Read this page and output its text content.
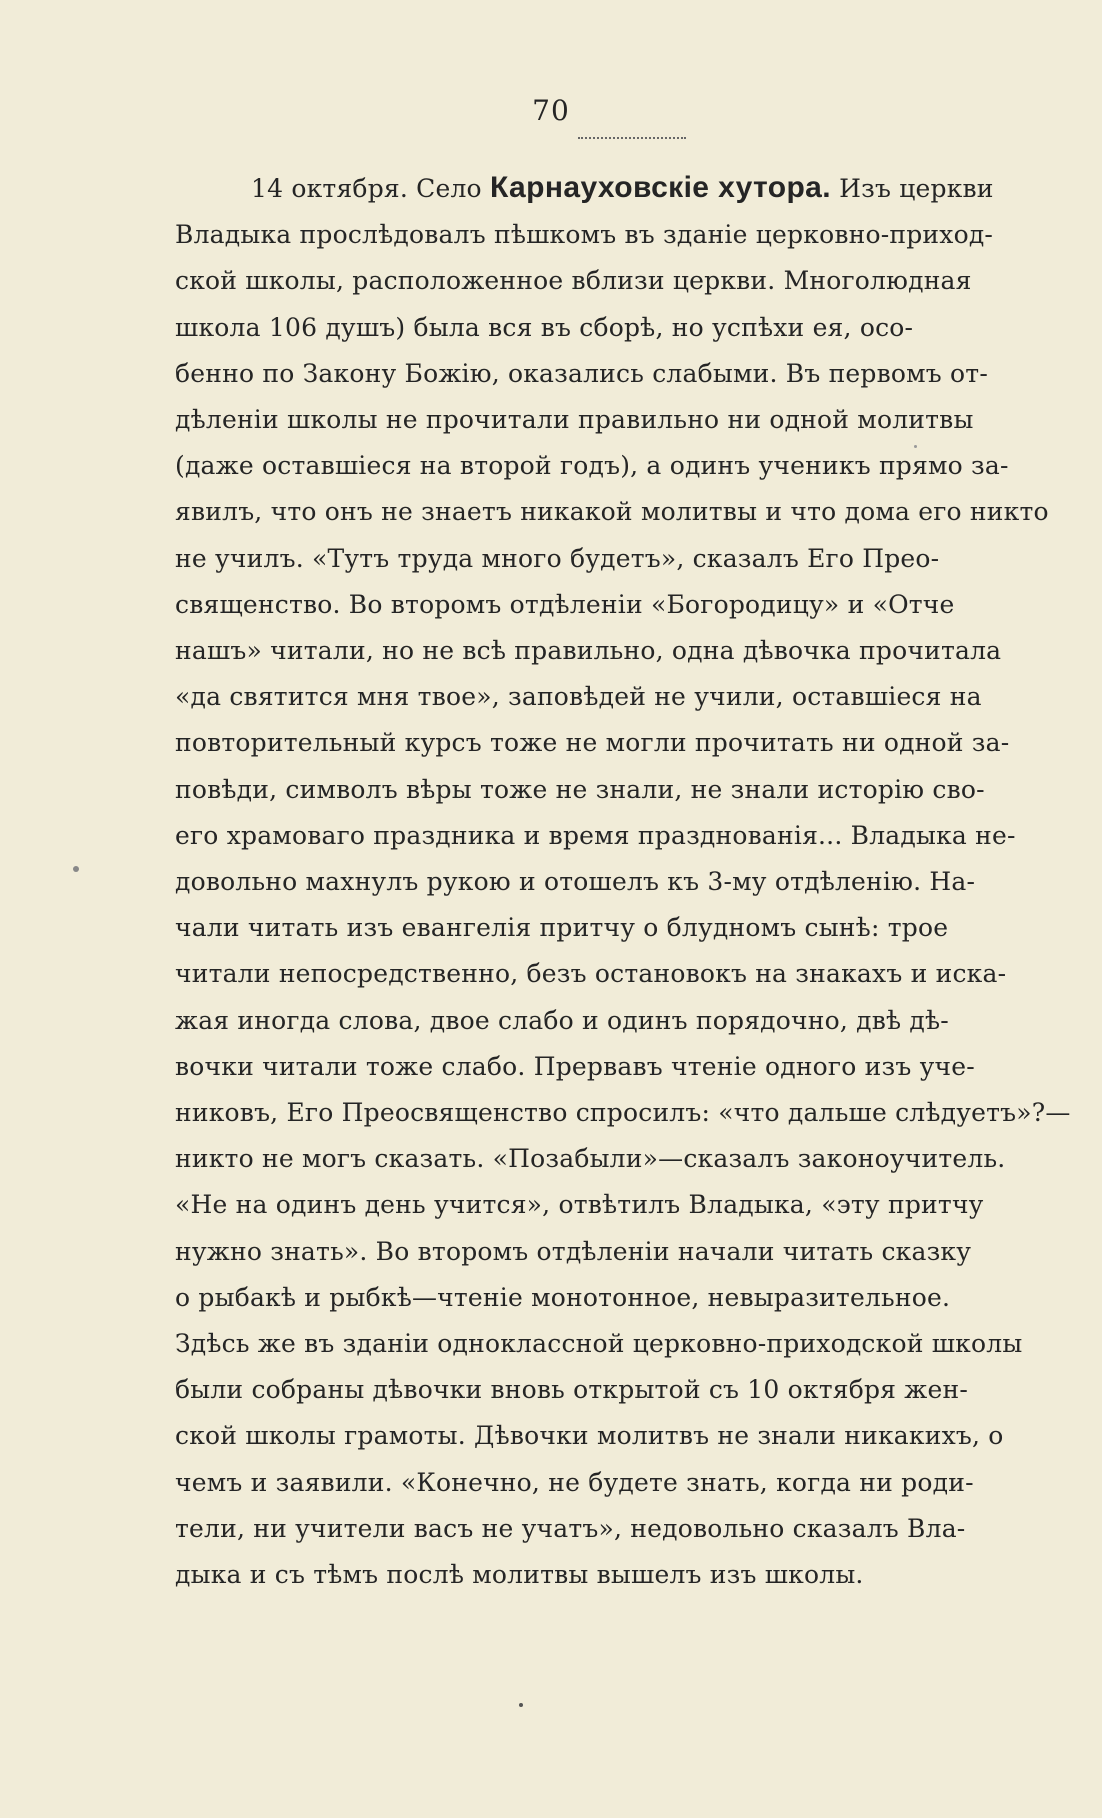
70
14 октября. Село Карнауховскіе хутора. Изъ церкви
Владыка прослѣдовалъ пѣшкомъ въ зданіе церковно-приход-
ской школы, расположенное вблизи церкви. Многолюдная
школа 106 душъ) была вся въ сборѣ, но успѣхи ея, осо-
бенно по Закону Божію, оказались слабыми. Въ первомъ от-
дѣленіи школы не прочитали правильно ни одной молитвы
(даже оставшіеся на второй годъ), а одинъ ученикъ прямо за-
явилъ, что онъ не знаетъ никакой молитвы и что дома его никто
не училъ. «Тутъ труда много будетъ», сказалъ Его Прео-
священство. Во второмъ отдѣленіи «Богородицу» и «Отче
нашъ» читали, но не всѣ правильно, одна дѣвочка прочитала
«да святится мня твое», заповѣдей не учили, оставшіеся на
повторительный курсъ тоже не могли прочитать ни одной за-
повѣди, символъ вѣры тоже не знали, не знали исторію сво-
его храмоваго праздника и время празднованія... Владыка не-
довольно махнулъ рукою и отошелъ къ 3-му отдѣленію. На-
чали читать изъ евангелія притчу о блудномъ сынѣ: трое
читали непосредственно, безъ остановокъ на знакахъ и иска-
жая иногда слова, двое слабо и одинъ порядочно, двѣ дѣ-
вочки читали тоже слабо. Прервавъ чтеніе одного изъ уче-
никовъ, Его Преосвященство спросилъ: «что дальше слѣдуетъ»?—
никто не могъ сказать. «Позабыли»—сказалъ законоучитель.
«Не на одинъ день учится», отвѣтилъ Владыка, «эту притчу
нужно знать». Во второмъ отдѣленіи начали читать сказку
о рыбакѣ и рыбкѣ—чтеніе монотонное, невыразительное.
Здѣсь же въ зданіи одноклассной церковно-приходской школы
были собраны дѣвочки вновь открытой съ 10 октября жен-
ской школы грамоты. Дѣвочки молитвъ не знали никакихъ, о
чемъ и заявили. «Конечно, не будете знать, когда ни роди-
тели, ни учители васъ не учатъ», недовольно сказалъ Вла-
дыка и съ тѣмъ послѣ молитвы вышелъ изъ школы.
